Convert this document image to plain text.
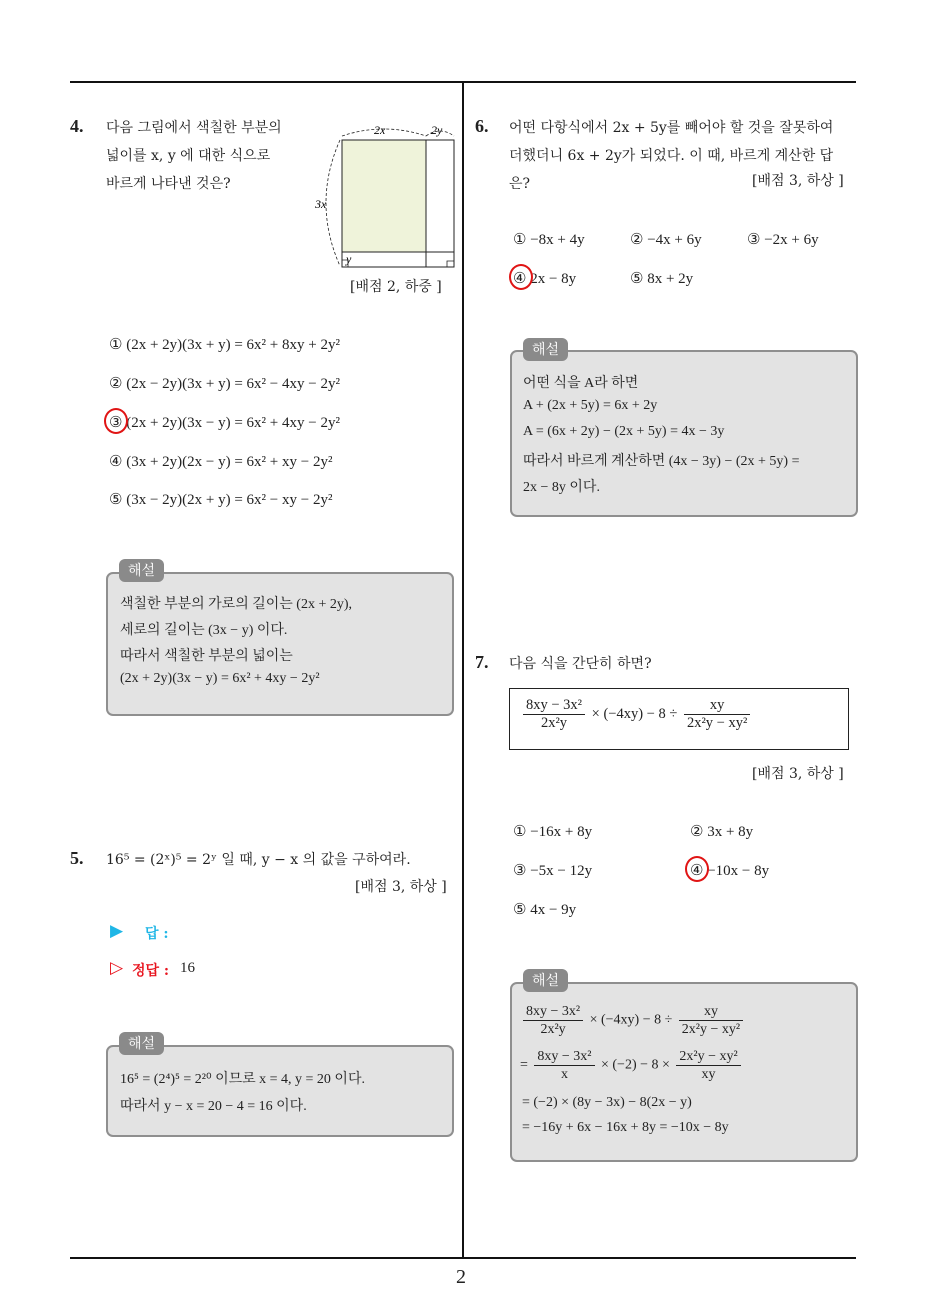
4. 다음 그림에서 색칠한 부분의
넓이를 x, y 에 대한 식으로
바르게 나타낸 것은?
2x	2y
3x
y
[배점 2, 하중 ]
① (2x + 2y)(3x + y) = 6x² + 8xy + 2y²
② (2x − 2y)(3x + y) = 6x² − 4xy − 2y²
③ (2x + 2y)(3x − y) = 6x² + 4xy − 2y²
④ (3x + 2y)(2x − y) = 6x² + xy − 2y²
⑤ (3x − 2y)(2x + y) = 6x² − xy − 2y²
해설
색칠한 부분의 가로의 길이는 (2x + 2y),
세로의 길이는 (3x − y) 이다.
따라서 색칠한 부분의 넓이는
(2x + 2y)(3x − y) = 6x² + 4xy − 2y²
5. 16⁵ = (2ˣ)⁵ = 2ʸ 일 때, y − x 의 값을 구하여라.
[배점 3, 하상 ]
▶ 답 :
▷ 정답 : 16
해설
16⁵ = (2⁴)⁵ = 2²⁰ 이므로 x = 4, y = 20 이다.
따라서 y − x = 20 − 4 = 16 이다.
6. 어떤 다항식에서 2x + 5y를 빼어야 할 것을 잘못하여
더했더니 6x + 2y가 되었다. 이 때, 바르게 계산한 답
은?	[배점 3, 하상 ]
① −8x + 4y	② −4x + 6y	③ −2x + 6y
④ 2x − 8y	⑤ 8x + 2y
해설
어떤 식을 A라 하면
A + (2x + 5y) = 6x + 2y
A = (6x + 2y) − (2x + 5y) = 4x − 3y
따라서 바르게 계산하면 (4x − 3y) − (2x + 5y) =
2x − 8y 이다.
7. 다음 식을 간단히 하면?
$\frac{\text{8xy − 3x²}}{\text{2x²y}} \times (-4xy) - 8 \div \frac{xy}{\text{2x²y − xy²}}$
[배점 3, 하상 ]
① −16x + 8y	② 3x + 8y
③ −5x − 12y	④ −10x − 8y
⑤ 4x − 9y
해설
$\frac{\text{8xy − 3x²}}{\text{2x²y}} \times (-4xy) - 8 \div \frac{xy}{\text{2x²y − xy²}}$
= $\frac{\text{8xy − 3x²}}{x} \times (-2) - 8 \times \frac{\text{2x²y − xy²}}{xy}$
= (−2) × (8y − 3x) − 8(2x − y)
= −16y + 6x − 16x + 8y = −10x − 8y
2
